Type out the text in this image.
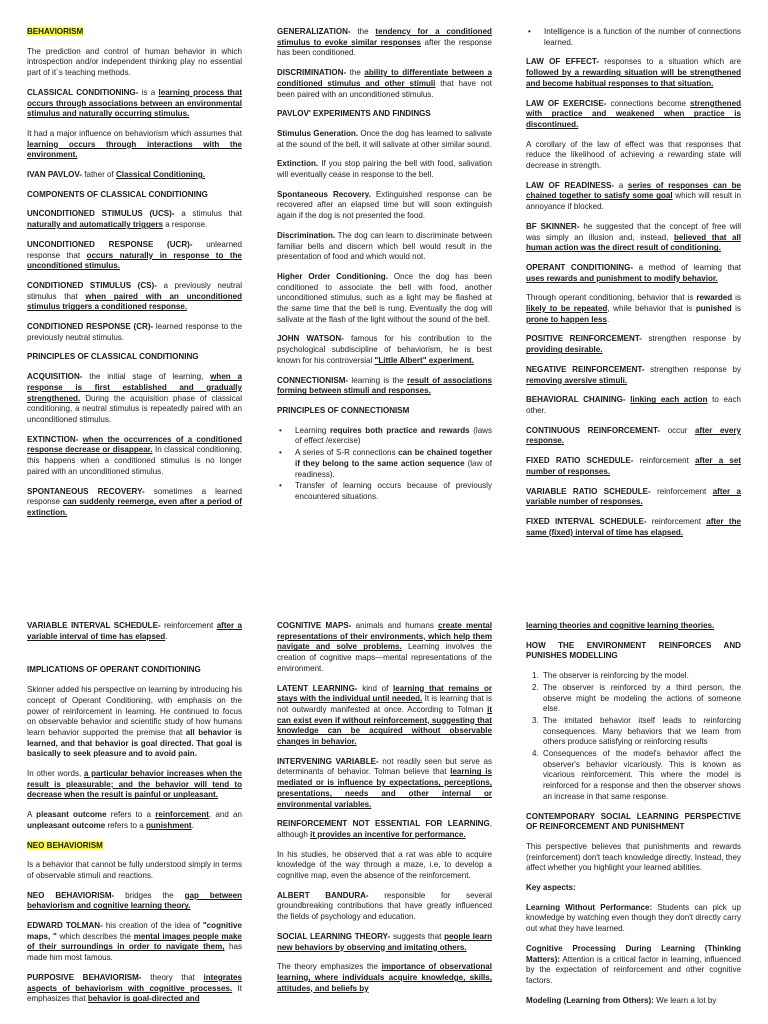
BEHAVIORISM

The prediction and control of human behavior in which introspection and/or independent thinking play no essential part of it´s teaching methods.

CLASSICAL CONDITIONING- is a learning process that occurs through associations between an environmental stimulus and naturally occurring stimulus.

It had a major influence on behaviorism which assumes that learning occurs through interactions with the environment.

IVAN PAVLOV- father of Classical Conditioning.

COMPONENTS OF CLASSICAL CONDITIONING

UNCONDITIONED STIMULUS (UCS)- a stimulus that naturally and automatically triggers a response.

UNCONDITIONED RESPONSE (UCR)- unlearned response that occurs naturally in response to the unconditioned stimulus.

CONDITIONED STIMULUS (CS)- a previously neutral stimulus that when paired with an unconditioned stimulus triggers a conditioned response.

CONDITIONED RESPONSE (CR)- learned response to the previously neutral stimulus.

PRINCIPLES OF CLASSICAL CONDITIONING

ACQUISITION- the initial stage of learning, when a response is first established and gradually strengthened. During the acquisition phase of classical conditioning, a neutral stimulus is repeatedly paired with an unconditioned stimulus.

EXTINCTION- when the occurrences of a conditioned response decrease or disappear. In classical conditioning, this happens when a conditioned stimulus is no longer paired with an unconditioned stimulus.

SPONTANEOUS RECOVERY- sometimes a learned response can suddenly reemerge, even after a period of extinction.

GENERALIZATION- the tendency for a conditioned stimulus to evoke similar responses after the response has been conditioned.

DISCRIMINATION- the ability to differentiate between a conditioned stimulus and other stimuli that have not been paired with an unconditioned stimulus.

PAVLOV' EXPERIMENTS AND FINDINGS

Stimulus Generation. Once the dog has learned to salivate at the sound of the bell, it will salivate at other similar sound.

Extinction. If you stop pairing the bell with food, salivation will eventually cease in response to the bell.

Spontaneous Recovery. Extinguished response can be recovered after an elapsed time but will soon extinguish again if the dog is not presented the food.

Discrimination. The dog can learn to discriminate between familiar bells and discern which bell would result in the presentation of food and which would not.

Higher Order Conditioning. Once the dog has been conditioned to associate the bell with food, another unconditioned stimulus, such as a light may be flashed at the same time that the bell is rung. Eventually the dog will salivate at the flash of the light without the sound of the bell.

JOHN WATSON- famous for his contribution to the psychological subdiscipline of behaviorism, he is best known for his controversial "Little Albert" experiment.

CONNECTIONISM- learning is the result of associations forming between stimuli and responses.

PRINCIPLES OF CONNECTIONISM

• Learning requires both practice and rewards (laws of effect /exercise)
• A series of S-R connections can be chained together if they belong to the same action sequence (law of readiness).
• Transfer of learning occurs because of previously encountered situations.
• Intelligence is a function of the number of connections learned.

LAW OF EFFECT- responses to a situation which are followed by a rewarding situation will be strengthened and become habitual responses to that situation.

LAW OF EXERCISE- connections become strengthened with practice and weakened when practice is discontinued.

A corollary of the law of effect was that responses that reduce the likelihood of achieving a rewarding state will decrease in strength.

LAW OF READINESS- a series of responses can be chained together to satisfy some goal which will result in annoyance if blocked.

BF SKINNER- he suggested that the concept of free will was simply an illusion and, instead, believed that all human action was the direct result of conditioning.

OPERANT CONDITIONING- a method of learning that uses rewards and punishment to modify behavior.

Through operant conditioning, behavior that is rewarded is likely to be repeated, while behavior that is punished is prone to happen less.

POSITIVE REINFORCEMENT- strengthen response by providing desirable.

NEGATIVE REINFORCEMENT- strengthen response by removing aversive stimuli.

BEHAVIORAL CHAINING- linking each action to each other.

CONTINUOUS REINFORCEMENT- occur after every response.

FIXED RATIO SCHEDULE- reinforcement after a set number of responses.

VARIABLE RATIO SCHEDULE- reinforcement after a variable number of responses.

FIXED INTERVAL SCHEDULE- reinforcement after the same (fixed) interval of time has elapsed.

VARIABLE INTERVAL SCHEDULE- reinforcement after a variable interval of time has elapsed.

IMPLICATIONS OF OPERANT CONDITIONING

Skinner added his perspective on learning by introducing his concept of Operant Conditioning, with emphasis on the power of reinforcement in learning. He continued to focus on observable behavior and scientific study of how humans learn behavior supported the premise that all behavior is learned, and that behavior is goal directed. That goal is basically to seek pleasure and to avoid pain.

In other words, a particular behavior increases when the result is pleasurable; and the behavior will tend to decrease when the result is painful or unpleasant.

A pleasant outcome refers to a reinforcement, and an unpleasant outcome refers to a punishment.

NEO BEHAVIORISM

Is a behavior that cannot be fully understood simply in terms of observable stimuli and reactions.

NEO BEHAVIORISM- bridges the gap between behaviorism and cognitive learning theory.

EDWARD TOLMAN- his creation of the idea of "cognitive maps, " which describes the mental images people make of their surroundings in order to navigate them, has made him most famous.

PURPOSIVE BEHAVIORISM- theory that integrates aspects of behaviorism with cognitive processes. It emphasizes that behavior is goal-directed and

COGNITIVE MAPS- animals and humans create mental representations of their environments, which help them navigate and solve problems. Learning involves the creation of cognitive maps—mental representations of the environment.

LATENT LEARNING- kind of learning that remains or stays with the individual until needed. It is learning that is not outwardly manifested at once. According to Tolman it can exist even if without reinforcement, suggesting that knowledge can be acquired without observable changes in behavior.

INTERVENING VARIABLE- not readily seen but serve as determinants of behavior. Tolman believe that learning is mediated or is influence by expectations, perceptions, presentations, needs and other internal or environmental variables.

REINFORCEMENT NOT ESSENTIAL FOR LEARNING, although it provides an incentive for performance.

In his studies, he observed that a rat was able to acquire knowledge of the way through a maze, i.e, to develop a cognitive map, even the absence of the reinforcement.

ALBERT BANDURA- responsible for several groundbreaking contributions that have greatly influenced the fields of psychology and education.

SOCIAL LEARNING THEORY- suggests that people learn new behaviors by observing and imitating others.

The theory emphasizes the importance of observational learning, where individuals acquire knowledge, skills, attitudes, and beliefs by

learning theories and cognitive learning theories.

HOW THE ENVIRONMENT REINFORCES AND PUNISHES MODELLING

1. The observer is reinforcing by the model.
2. The observer is reinforced by a third person, the observe might be modeling the actions of someone else.
3. The imitated behavior itself leads to reinforcing consequences. Many behaviors that we learn from others produce satisfying or reinforcing results
4. Consequences of the model's behavior affect the observer's behavior vicariously. This is known as vicarious reinforcement. This where the model is reinforced for a response and then the observer shows an increase in that same response.

CONTEMPORARY SOCIAL LEARNING PERSPECTIVE OF REINFORCEMENT AND PUNISHMENT

This perspective believes that punishments and rewards (reinforcement) don't teach knowledge directly. Instead, they affect whether you highlight your learned abilities.

Key aspects:

Learning Without Performance: Students can pick up knowledge by watching even though they don't directly carry out what they have learned.

Cognitive Processing During Learning (Thinking Matters): Attention is a critical factor in learning, influenced by the expectation of reinforcement and other cognitive factors.

Modeling (Learning from Others): We learn a lot by
